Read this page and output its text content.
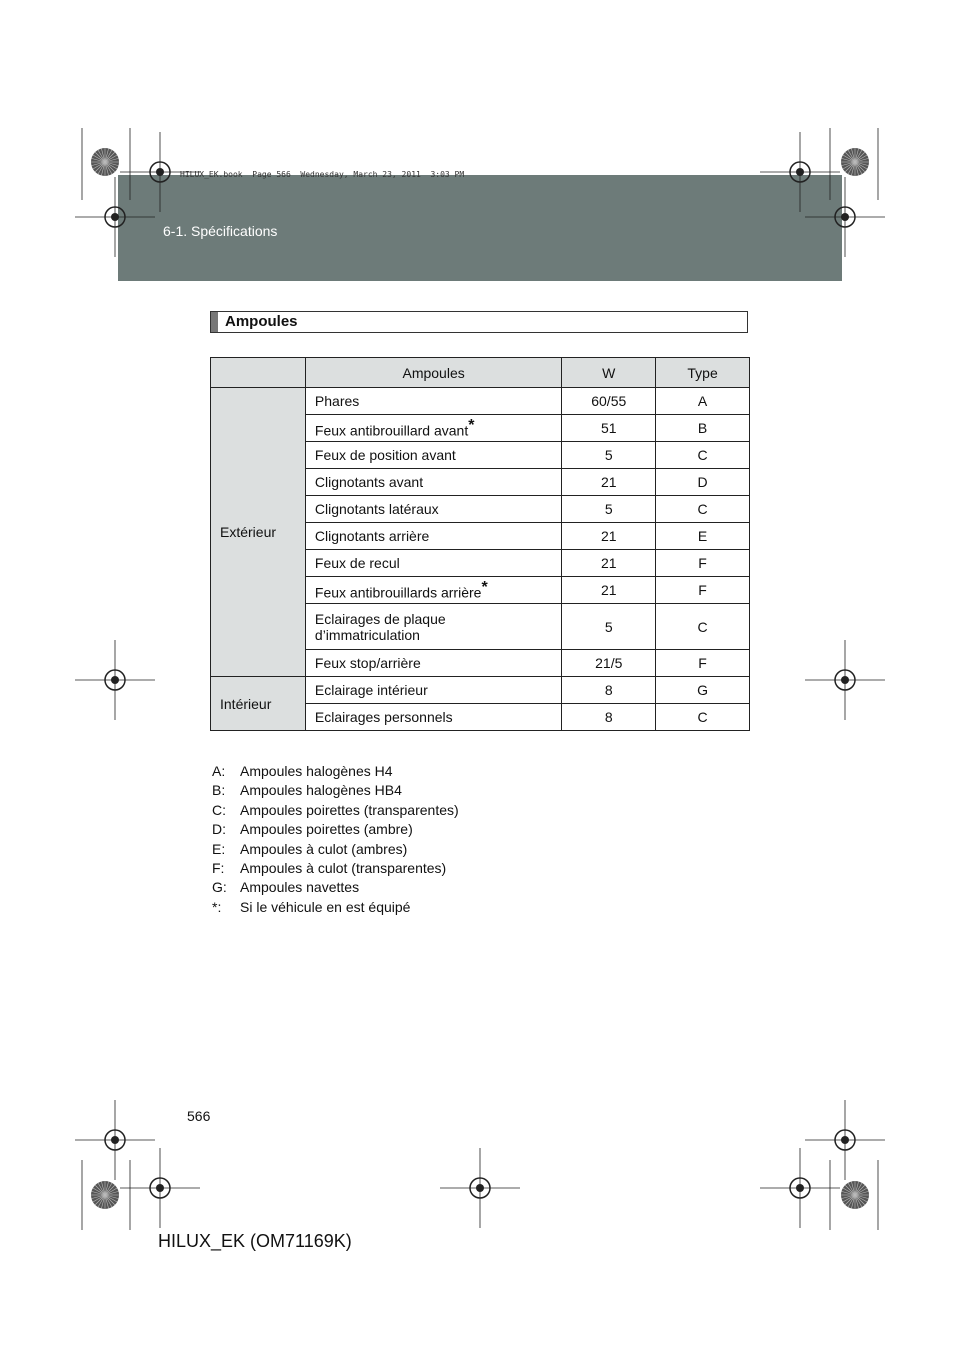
6-1. Spécifications
HILUX_EK.book  Page 566  Wednesday, March 23, 2011  3:03 PM
Ampoules
	Ampoules	W	Type
Extérieur	Phares	60/55	A
	Feux antibrouillard avant*	51	B
	Feux de position avant	5	C
	Clignotants avant	21	D
	Clignotants latéraux	5	C
	Clignotants arrière	21	E
	Feux de recul	21	F
	Feux antibrouillards arrière*	21	F
	Eclairages de plaque
d’immatriculation	5	C
	Feux stop/arrière	21/5	F
Intérieur	Eclairage intérieur	8	G
	Eclairages personnels	8	C
A:	Ampoules halogènes H4
B:	Ampoules halogènes HB4
C:	Ampoules poirettes (transparentes)
D:	Ampoules poirettes (ambre)
E:	Ampoules à culot (ambres)
F:	Ampoules à culot (transparentes)
G: Ampoules navettes
*:	Si le véhicule en est équipé
566
HILUX_EK (OM71169K)
